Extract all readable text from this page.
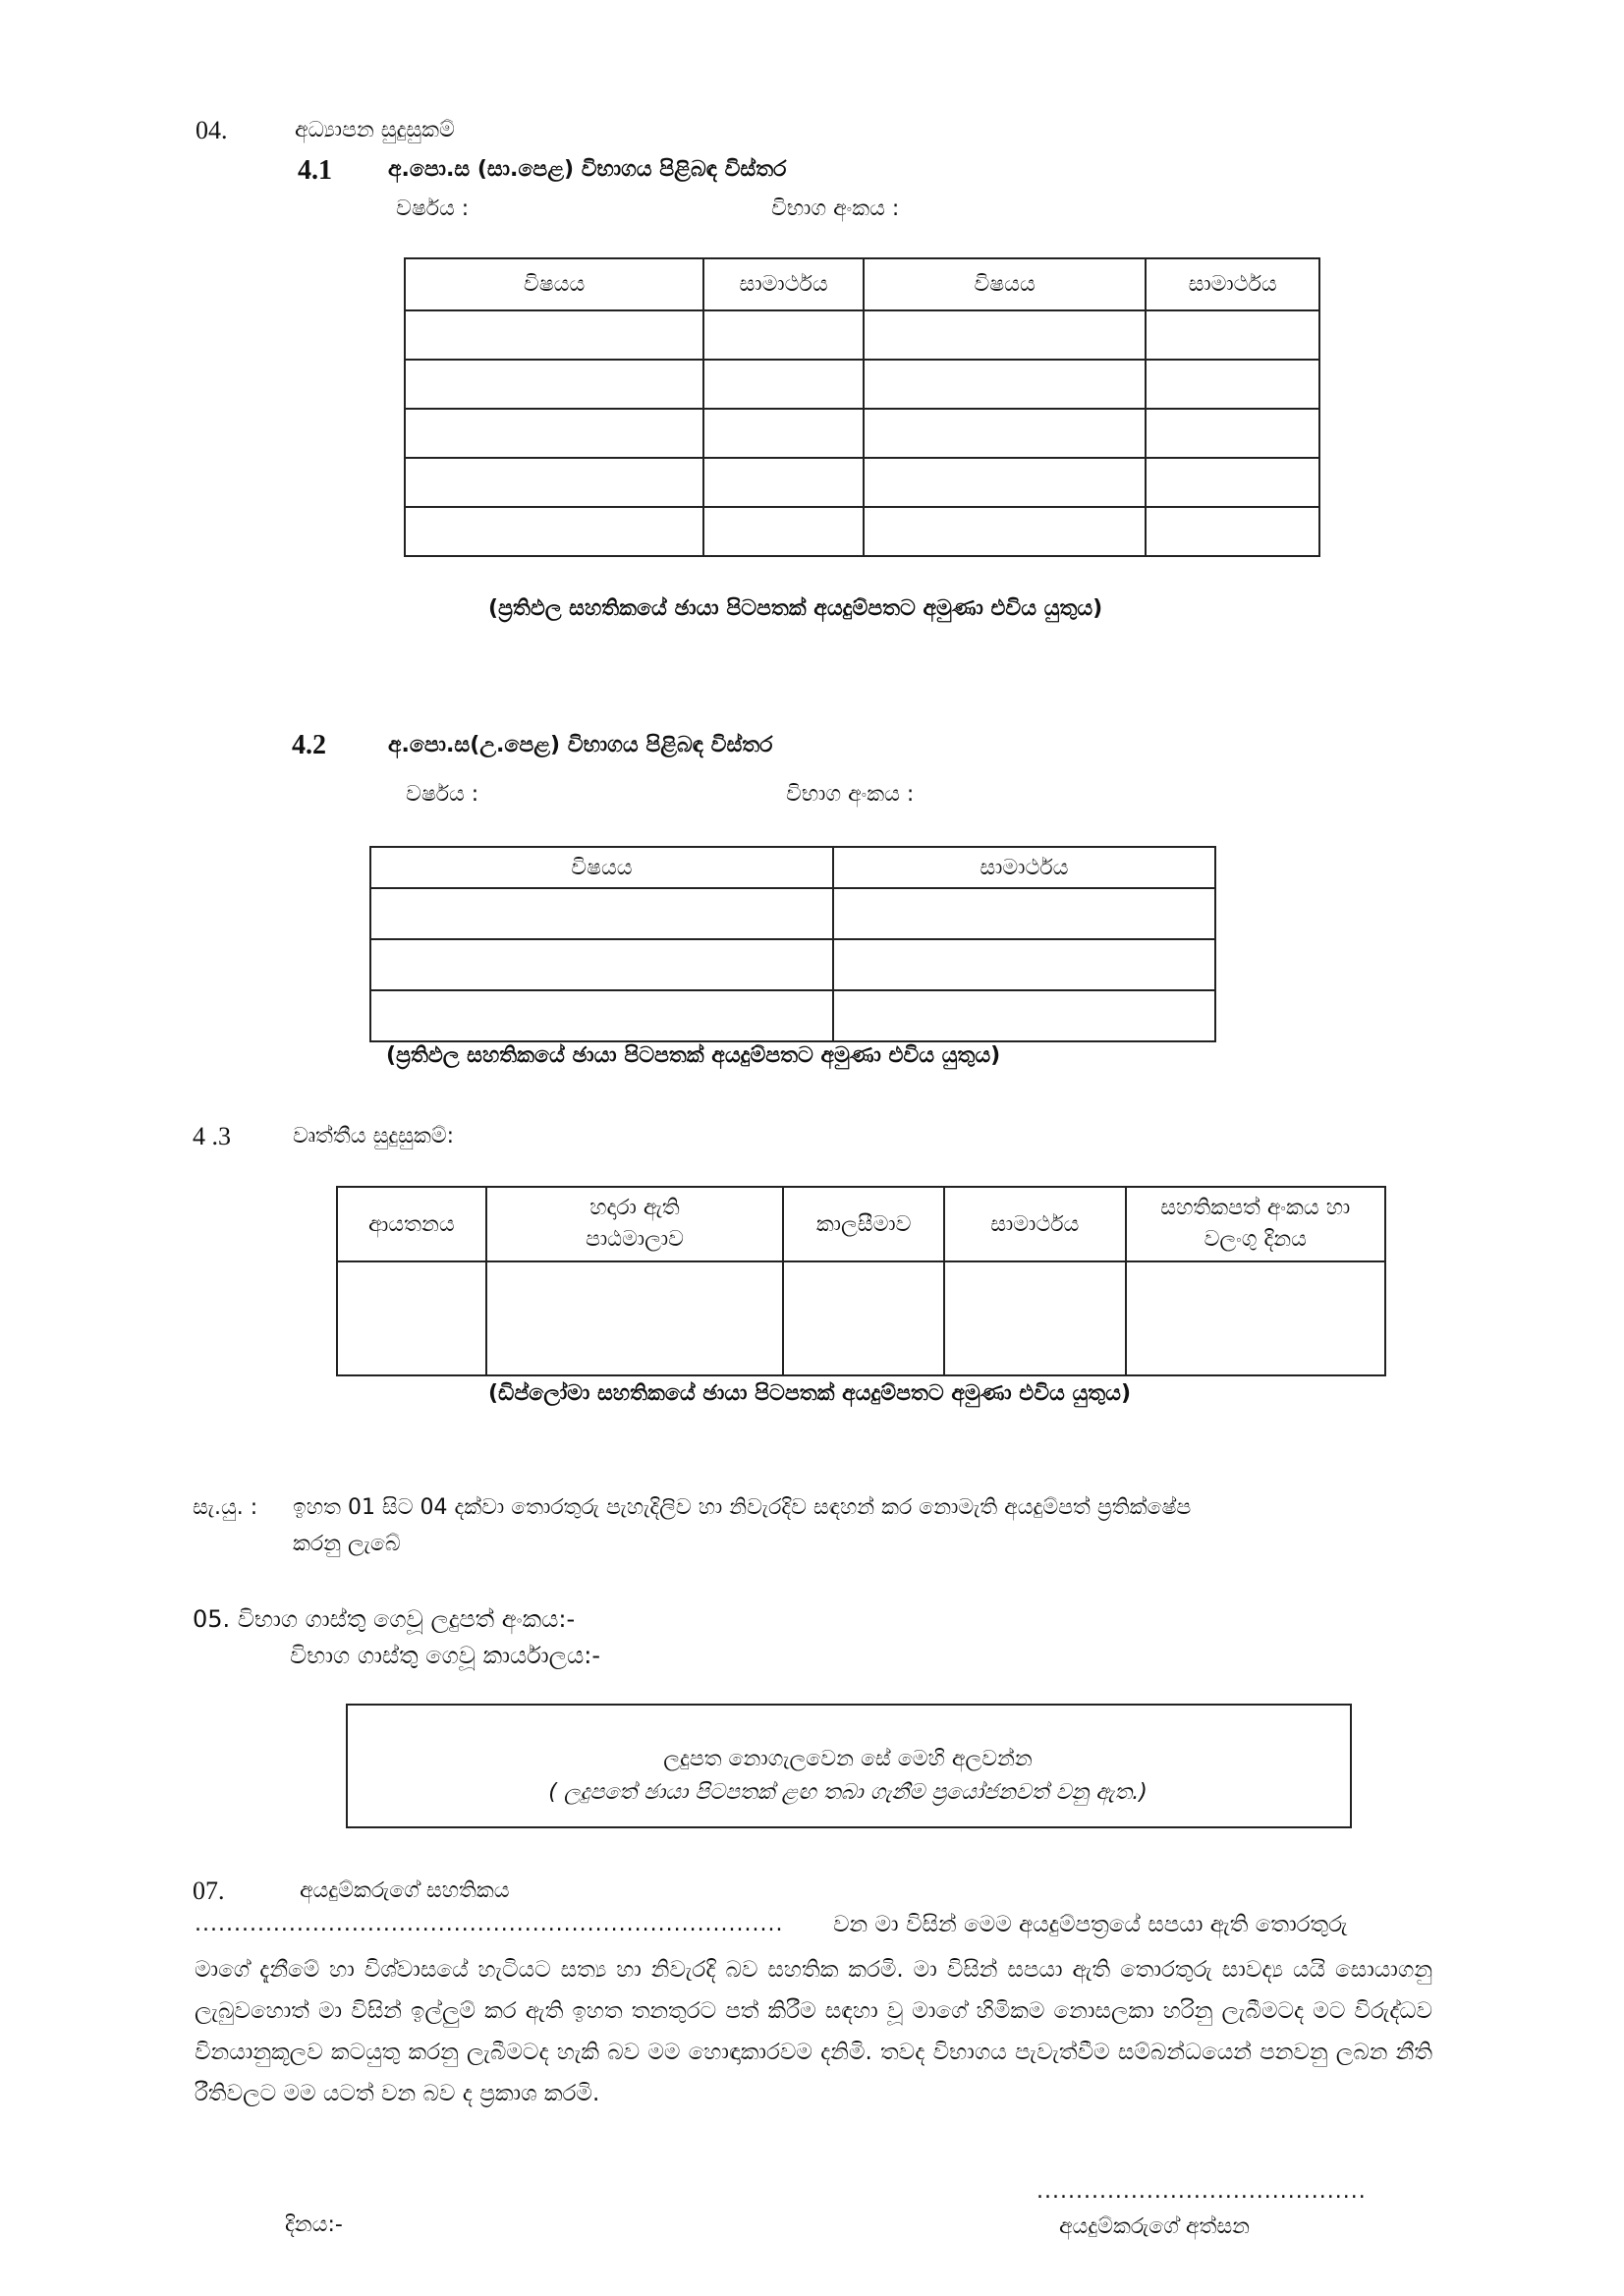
04.	අධ්‍යාපන සුදුසුකම්
4.1	අ.පො.ස (සා.පෙළ) විභාගය පිළිබඳ විස්තර
වර්ෂය :	විභාග අංකය :
විෂයය	සාමාර්ථය	විෂයය	සාමාර්ථය

(ප්‍රතිඵල සහතිකයේ ඡායා පිටපතක් අයදුම්පතට අමුණා එවිය යුතුය)
4.2	අ.පො.ස(උ.පෙළ) විභාගය පිළිබඳ විස්තර
වර්ෂය :	විභාග අංකය :
විෂයය	සාමාර්ථය

(ප්‍රතිඵල සහතිකයේ ඡායා පිටපතක් අයදුම්පතට අමුණා එවිය යුතුය)
4 .3	වෘත්තීය සුදුසුකම්:
ආයතනය	හදාරා ඇති පාඨමාලාව	කාලසීමාව	සාමාර්ථය	සහතිකපත් අංකය හා වලංගු දිනය

(ඩිප්ලෝමා සහතිකයේ ඡායා පිටපතක් අයදුම්පතට අමුණා එවිය යුතුය)
සැ.යු. : ඉහත 01 සිට 04 දක්වා තොරතුරු පැහැදිලිව හා නිවැරදිව සඳහන් කර නොමැති අයදුම්පත් ප්‍රතික්ෂේප
කරනු ලැබේ
05. විභාග ගාස්තු ගෙවූ ලදුපත් අංකය:-
විභාග ගාස්තු ගෙවූ කාර්යාලය:-
ලදුපත නොගැලවෙන සේ මෙහි අලවන්න
( ලදුපතේ ඡායා පිටපතක් ළඟ තබා ගැනීම ප්‍රයෝජනවත් වනු ඇත.)
07.	අයදුම්කරුගේ සහතිකය
........................................................................... වන මා විසින් මෙම අයදුම්පත්‍රයේ සපයා ඇති තොරතුරු
මාගේ දැනීමේ හා විශ්වාසයේ හැටියට සත්‍ය හා නිවැරදි බව සහතික කරමි. මා විසින් සපයා ඇති තොරතුරු සාවද්‍ය යයි සොයාගනු ලැබුවහොත් මා විසින් ඉල්ලුම් කර ඇති ඉහත තනතුරට පත් කිරීම සඳහා වූ මාගේ හිමිකම නොසලකා හරිනු ලැබීමටද මට විරුද්ධව විනයානුකූලව කටයුතු කරනු ලැබීමටද හැකි බව මම හොඳාකාරවම දනිමි. තවද විභාගය පැවැත්වීම සම්බන්ධයෙන් පනවනු ලබන නීති රීතිවලට මම යටත් වන බව ද ප්‍රකාශ කරමි.
..........................................
දිනය:-	අයදුම්කරුගේ අත්සන
